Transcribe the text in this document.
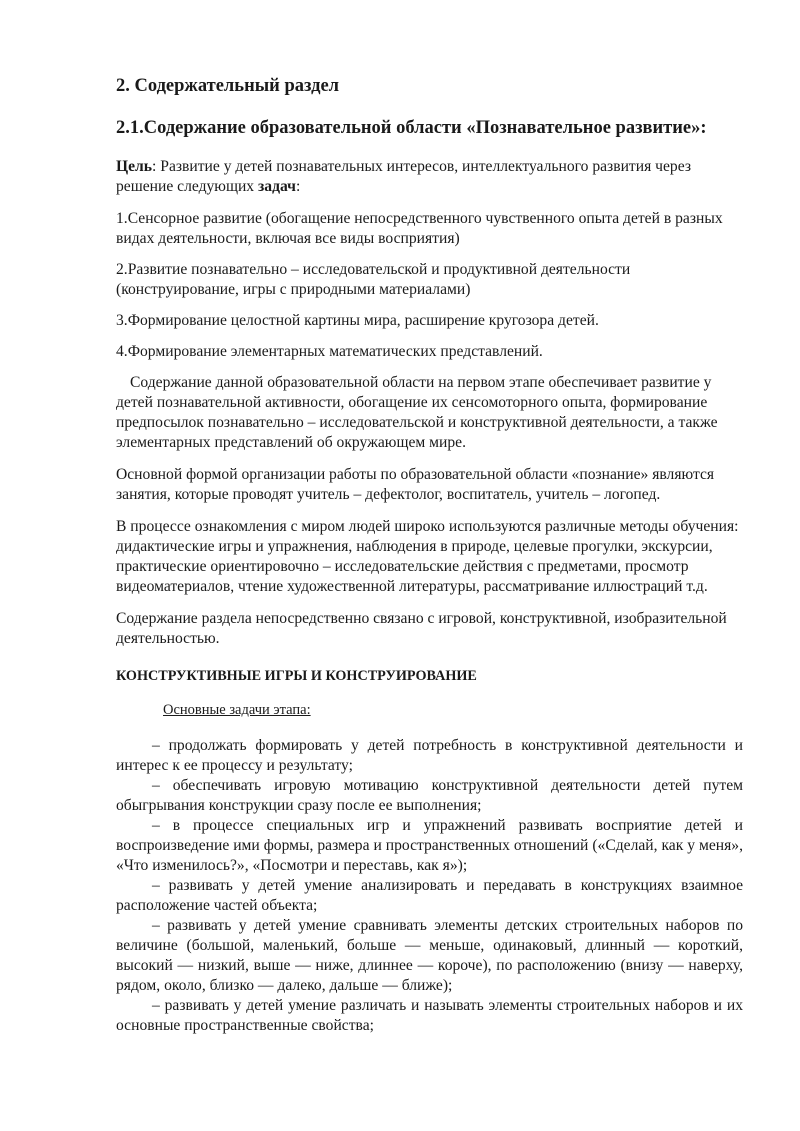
2. Содержательный раздел
2.1.Содержание образовательной области «Познавательное развитие»:

Цель: Развитие у детей познавательных интересов, интеллектуального развития через решение следующих задач:

1.Сенсорное развитие (обогащение непосредственного чувственного опыта детей в разных видах деятельности, включая все виды восприятия)

2.Развитие познавательно – исследовательской и продуктивной деятельности (конструирование, игры с природными материалами)

3.Формирование целостной картины мира, расширение кругозора детей.

4.Формирование элементарных математических представлений.

Содержание данной образовательной области на первом этапе обеспечивает развитие у детей познавательной активности, обогащение их сенсомоторного опыта, формирование предпосылок познавательно – исследовательской и конструктивной деятельности, а также элементарных представлений об окружающем мире.

Основной формой организации работы по образовательной области «познание» являются занятия, которые проводят учитель – дефектолог, воспитатель, учитель – логопед.

В процессе ознакомления с миром людей широко используются различные методы обучения: дидактические игры и упражнения, наблюдения в природе, целевые прогулки, экскурсии, практические ориентировочно – исследовательские действия с предметами, просмотр видеоматериалов, чтение художественной литературы, рассматривание иллюстраций т.д.

Содержание раздела непосредственно связано с игровой, конструктивной, изобразительной деятельностью.

КОНСТРУКТИВНЫЕ ИГРЫ И КОНСТРУИРОВАНИЕ
Основные задачи этапа:

– продолжать формировать у детей потребность в конструктивной деятельности и интерес к ее процессу и результату;

– обеспечивать игровую мотивацию конструктивной деятельности детей путем обыгрывания конструкции сразу после ее выполнения;

– в процессе специальных игр и упражнений развивать восприятие детей и воспроизведение ими формы, размера и пространственных отношений («Сделай, как у меня», «Что изменилось?», «Посмотри и переставь, как я»);

– развивать у детей умение анализировать и передавать в конструкциях взаимное расположение частей объекта;

– развивать у детей умение сравнивать элементы детских строительных наборов по величине (большой, маленький, больше — меньше, одинаковый, длинный — короткий, высокий — низкий, выше — ниже, длиннее — короче), по расположению (внизу — наверху, рядом, около, близко — далеко, дальше — ближе);

– развивать у детей умение различать и называть элементы строительных наборов и их основные пространственные свойства;
